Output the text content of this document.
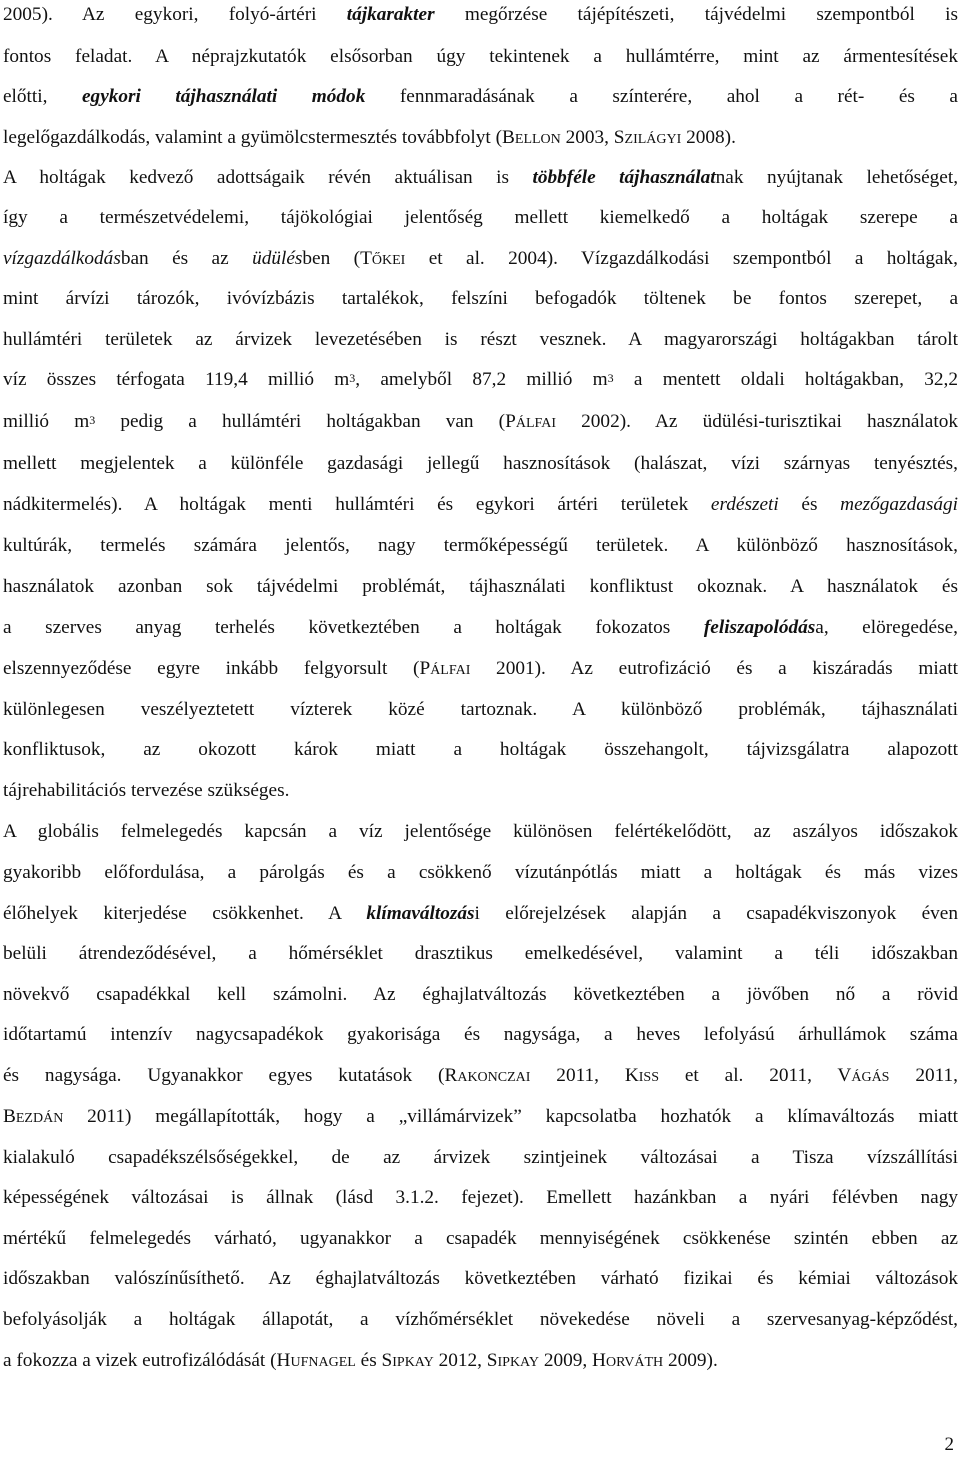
2005). Az egykori, folyó-ártéri tájkarakter megőrzése tájépítészeti, tájvédelmi szempontból is
fontos feladat. A néprajzkutatók elsősorban úgy tekintenek a hullámtérre, mint az ármentesítések
előtti, egykori tájhasználati módok fennmaradásának a színterére, ahol a rét- és a
legelőgazdálkodás, valamint a gyümölcstermesztés továbbfolyt (Bellon 2003, Szilágyi 2008).
A holtágak kedvező adottságaik révén aktuálisan is többféle tájhasználatnak nyújtanak lehetőséget,
így a természetvédelemi, tájökológiai jelentőség mellett kiemelkedő a holtágak szerepe a
vízgazdálkodásban és az üdülésben (Tőkei et al. 2004). Vízgazdálkodási szempontból a holtágak,
mint árvízi tározók, ivóvízbázis tartalékok, felszíni befogadók töltenek be fontos szerepet, a
hullámtéri területek az árvizek levezetésében is részt vesznek. A magyarországi holtágakban tárolt
víz összes térfogata 119,4 millió $m^3$, amelyből 87,2 millió $m^3$ a mentett oldali holtágakban, 32,2
millió $m^3$ pedig a hullámtéri holtágakban van (Pálfai 2002). Az üdülési-turisztikai használatok
mellett megjelentek a különféle gazdasági jellegű hasznosítások (halászat, vízi szárnyas tenyésztés,
nádkitermelés). A holtágak menti hullámtéri és egykori ártéri területek erdészeti és mezőgazdasági
kultúrák, termelés számára jelentős, nagy termőképességű területek. A különböző hasznosítások,
használatok azonban sok tájvédelmi problémát, tájhasználati konfliktust okoznak. A használatok és
a szerves anyag terhelés következtében a holtágak fokozatos feliszapolódása, elöregedése,
elszennyeződése egyre inkább felgyorsult (Pálfai 2001). Az eutrofizáció és a kiszáradás miatt
különlegesen veszélyeztetett vízterek közé tartoznak. A különböző problémák, tájhasználati
konfliktusok, az okozott károk miatt a holtágak összehangolt, tájvizsgálatra alapozott
tájrehabilitációs tervezése szükséges.
A globális felmelegedés kapcsán a víz jelentősége különösen felértékelődött, az aszályos időszakok
gyakoribb előfordulása, a párolgás és a csökkenő vízutánpótlás miatt a holtágak és más vizes
élőhelyek kiterjedése csökkenhet. A klímaváltozási előrejelzések alapján a csapadékviszonyok éven
belüli átrendeződésével, a hőmérséklet drasztikus emelkedésével, valamint a téli időszakban
növekvő csapadékkal kell számolni. Az éghajlatváltozás következtében a jövőben nő a rövid
időtartamú intenzív nagycsapadékok gyakorisága és nagysága, a heves lefolyású árhullámok száma
és nagysága. Ugyanakkor egyes kutatások (Rakonczai 2011, Kiss et al. 2011, Vágás 2011,
Bezdán 2011) megállapították, hogy a „villámárvizek” kapcsolatba hozhatók a klímaváltozás miatt
kialakuló csapadékszélsőségekkel, de az árvizek szintjeinek változásai a Tisza vízszállítási
képességének változásai is állnak (lásd 3.1.2. fejezet). Emellett hazánkban a nyári félévben nagy
mértékű felmelegedés várható, ugyanakkor a csapadék mennyiségének csökkenése szintén ebben az
időszakban valószínűsíthető. Az éghajlatváltozás következtében várható fizikai és kémiai változások
befolyásolják a holtágak állapotát, a vízhőmérséklet növekedése növeli a szervesanyag-képződést,
a fokozza a vizek eutrofizálódását (Hufnagel és Sipkay 2012, Sipkay 2009, Horváth 2009).
2
